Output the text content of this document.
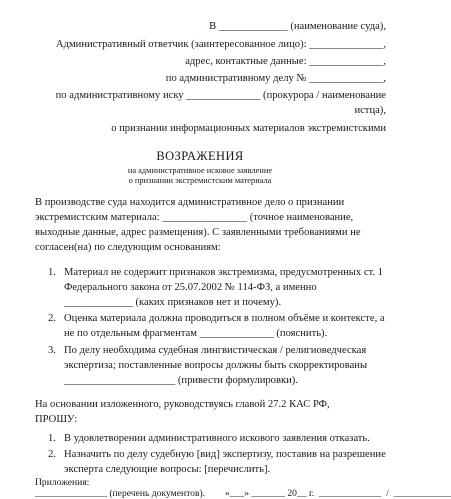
В _____________ (наименование суда),
Административный ответчик (заинтересованное лицо): ______________,
адрес, контактные данные: ______________,
по административному делу № ______________,
по административному иску ______________ (прокурора / наименование
истца),
о признании информационных материалов экстремистскими
ВОЗРАЖЕНИЯ
на административное исковое заявление
о признании экстремистским материала
В производстве суда находится административное дело о признании
экстремистским материала: ________________ (точное наименование,
выходные данные, адрес размещения). С заявленными требованиями не
согласен(на) по следующим основаниям:
1. Материал не содержит признаков экстремизма, предусмотренных ст. 1
Федерального закона от 25.07.2002 № 114-ФЗ, а именно
_____________ (каких признаков нет и почему).
2. Оценка материала должна проводиться в полном объёме и контексте, а
не по отдельным фрагментам ______________ (пояснить).
3. По делу необходима судебная лингвистическая / религиоведческая
экспертиза; поставленные вопросы должны быть скорректированы
_____________________ (привести формулировки).
На основании изложенного, руководствуясь главой 27.2 КАС РФ,
ПРОШУ:
1. В удовлетворении административного искового заявления отказать.
2. Назначить по делу судебную [вид] экспертизу, поставив на разрешение
эксперта следующие вопросы: [перечислить].
Приложения:
_______________ (перечень документов). «___» _______ 20__ г.  _____________  /  ____________
